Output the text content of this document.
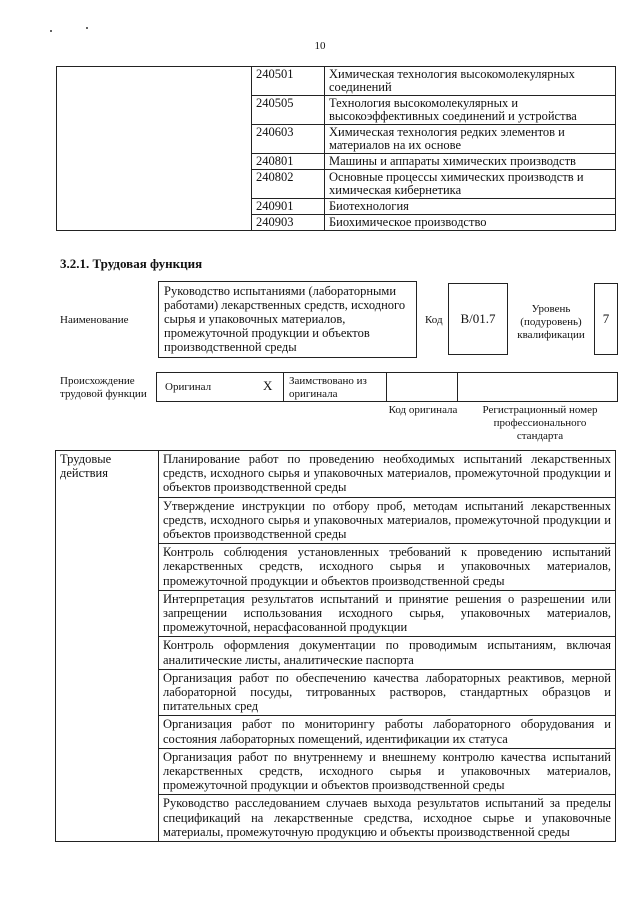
10
	240501	Химическая технология высокомолекулярных соединений
	240505	Технология высокомолекулярных и высокоэффективных соединений и устройства
	240603	Химическая технология редких элементов и материалов на их основе
	240801	Машины и аппараты химических производств
	240802	Основные процессы химических производств и химическая кибернетика
	240901	Биотехнология
	240903	Биохимическое производство
3.2.1. Трудовая функция
Наименование
Руководство испытаниями (лабораторными работами) лекарственных средств, исходного сырья и упаковочных материалов, промежуточной продукции и объектов производственной среды
Код B/01.7
Уровень (подуровень) квалификации
7
Происхождение трудовой функции
Оригинал	X Заимствовано из оригинала
Код оригинала	Регистрационный номер профессионального стандарта
Трудовые действия	Планирование работ по проведению необходимых испытаний лекарственных средств, исходного сырья и упаковочных материалов, промежуточной продукции и объектов производственной среды
Утверждение инструкции по отбору проб, методам испытаний лекарственных средств, исходного сырья и упаковочных материалов, промежуточной продукции и объектов производственной среды
Контроль соблюдения установленных требований к проведению испытаний лекарственных средств, исходного сырья и упаковочных материалов, промежуточной продукции и объектов производственной среды
Интерпретация результатов испытаний и принятие решения о разрешении или запрещении использования исходного сырья, упаковочных материалов, промежуточной, нерасфасованной продукции
Контроль оформления документации по проводимым испытаниям, включая аналитические листы, аналитические паспорта
Организация работ по обеспечению качества лабораторных реактивов, мерной лабораторной посуды, титрованных растворов, стандартных образцов и питательных сред
Организация работ по мониторингу работы лабораторного оборудования и состояния лабораторных помещений, идентификации их статуса
Организация работ по внутреннему и внешнему контролю качества испытаний лекарственных средств, исходного сырья и упаковочных материалов, промежуточной продукции и объектов производственной среды
Руководство расследованием случаев выхода результатов испытаний за пределы спецификаций на лекарственные средства, исходное сырье и упаковочные материалы, промежуточную продукцию и объекты производственной среды
